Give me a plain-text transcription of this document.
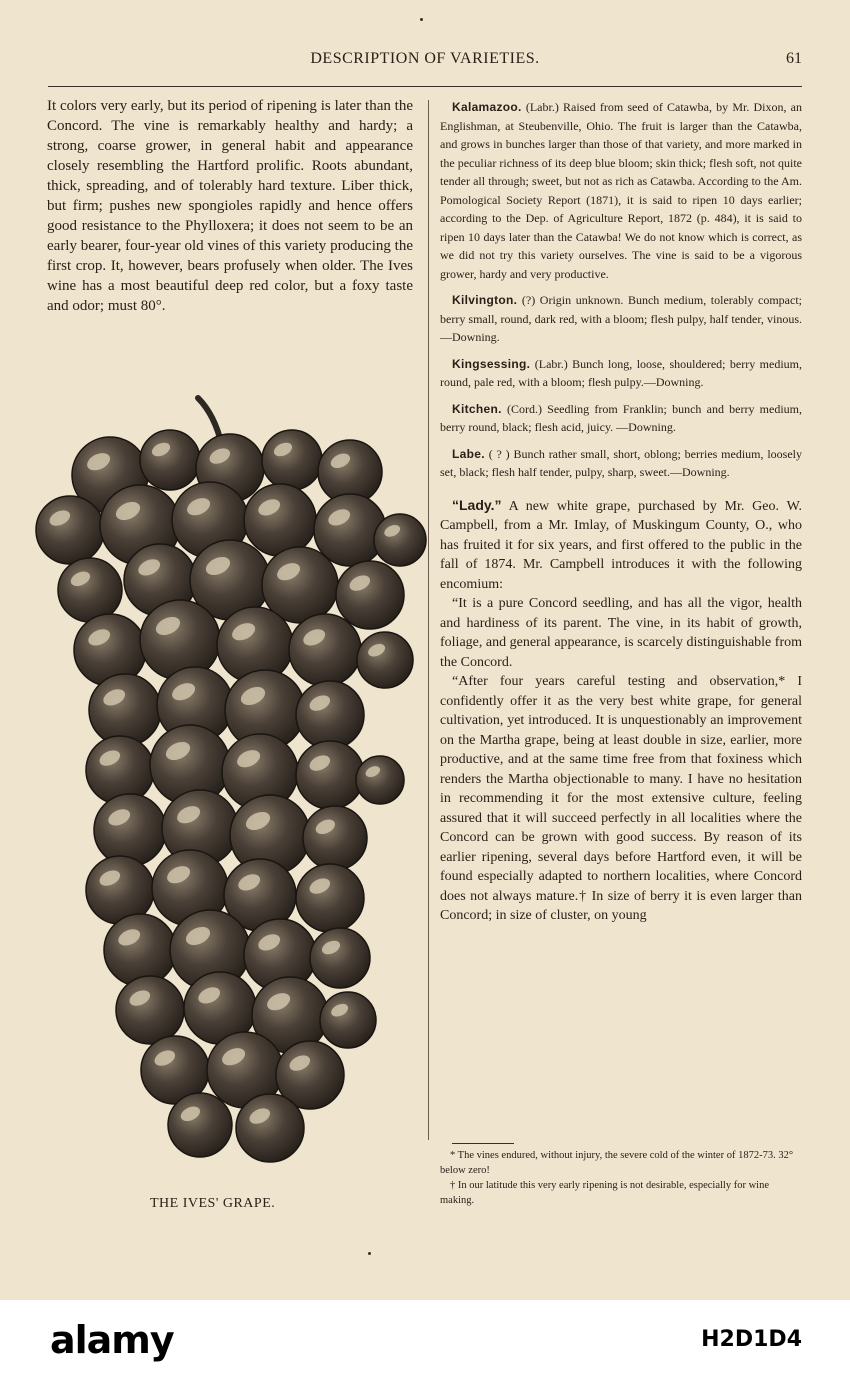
DESCRIPTION OF VARIETIES.	61
It colors very early, but its period of ripening is later than the Concord. The vine is remarkably healthy and hardy; a strong, coarse grower, in general habit and appearance closely resembling the Hartford prolific. Roots abundant, thick, spreading, and of tolerably hard texture. Liber thick, but firm; pushes new spongioles rapidly and hence offers good resistance to the Phylloxera; it does not seem to be an early bearer, four-year old vines of this variety producing the first crop. It, however, bears profusely when older. The Ives wine has a most beautiful deep red color, but a foxy taste and odor; must 80°.
THE IVES' GRAPE.

Kalamazoo. (Labr.) Raised from seed of Catawba, by Mr. Dixon, an Englishman, at Steubenville, Ohio. The fruit is larger than the Catawba, and grows in bunches larger than those of that variety, and more marked in the peculiar richness of its deep blue bloom; skin thick; flesh soft, not quite tender all through; sweet, but not as rich as Catawba. According to the Am. Pomological Society Report (1871), it is said to ripen 10 days earlier; according to the Dep. of Agriculture Report, 1872 (p. 484), it is said to ripen 10 days later than the Catawba! We do not know which is correct, as we did not try this variety ourselves. The vine is said to be a vigorous grower, hardy and very productive.

Kilvington. (?) Origin unknown. Bunch medium, tolerably compact; berry small, round, dark red, with a bloom; flesh pulpy, half tender, vinous.—Downing.

Kingsessing. (Labr.) Bunch long, loose, shouldered; berry medium, round, pale red, with a bloom; flesh pulpy.—Downing.

Kitchen. (Cord.) Seedling from Franklin; bunch and berry medium, berry round, black; flesh acid, juicy. —Downing.

Labe. ( ? ) Bunch rather small, short, oblong; berries medium, loosely set, black; flesh half tender, pulpy, sharp, sweet.—Downing.

“Lady.” A new white grape, purchased by Mr. Geo. W. Campbell, from a Mr. Imlay, of Muskingum County, O., who has fruited it for six years, and first offered to the public in the fall of 1874. Mr. Campbell introduces it with the following encomium:

“It is a pure Concord seedling, and has all the vigor, health and hardiness of its parent. The vine, in its habit of growth, foliage, and general appearance, is scarcely distinguishable from the Concord.

“After four years careful testing and observation,* I confidently offer it as the very best white grape, for general cultivation, yet introduced. It is unquestionably an improvement on the Martha grape, being at least double in size, earlier, more productive, and at the same time free from that foxiness which renders the Martha objectionable to many. I have no hesitation in recommending it for the most extensive culture, feeling assured that it will succeed perfectly in all localities where the Concord can be grown with good success. By reason of its earlier ripening, several days before Hartford even, it will be found especially adapted to northern localities, where Concord does not always mature.† In size of berry it is even larger than Concord; in size of cluster, on young

* The vines endured, without injury, the severe cold of the winter of 1872-73. 32° below zero!
† In our latitude this very early ripening is not desirable, especially for wine making.
alamy	H2D1D4
